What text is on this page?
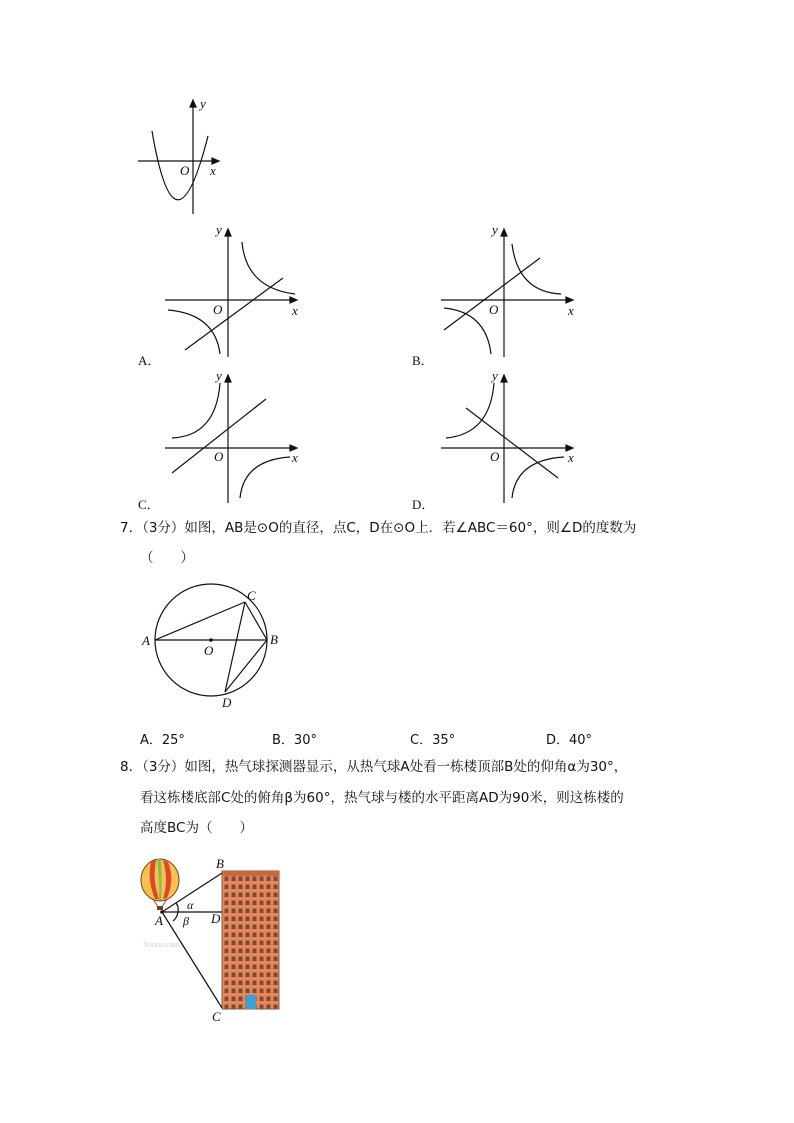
y
x
O
A．
y
x
O
B．
y
x
O
C．
y
x
O
D．
y
x
O
7．（3分）如图，AB是⊙O的直径，点C，D在⊙O上．若∠ABC＝60°，则∠D的度数为
（　　）
A	B
C
D
O
A．25°	B．30°	C．35°	D．40°
8．（3分）如图，热气球探测器显示，从热气球A处看一栋楼顶部B处的仰角α为30°，
看这栋楼底部C处的俯角β为60°，热气球与楼的水平距离AD为90米，则这栋楼的
高度BC为（　　）
A
B
C
D
α
β
Yonoo.com
